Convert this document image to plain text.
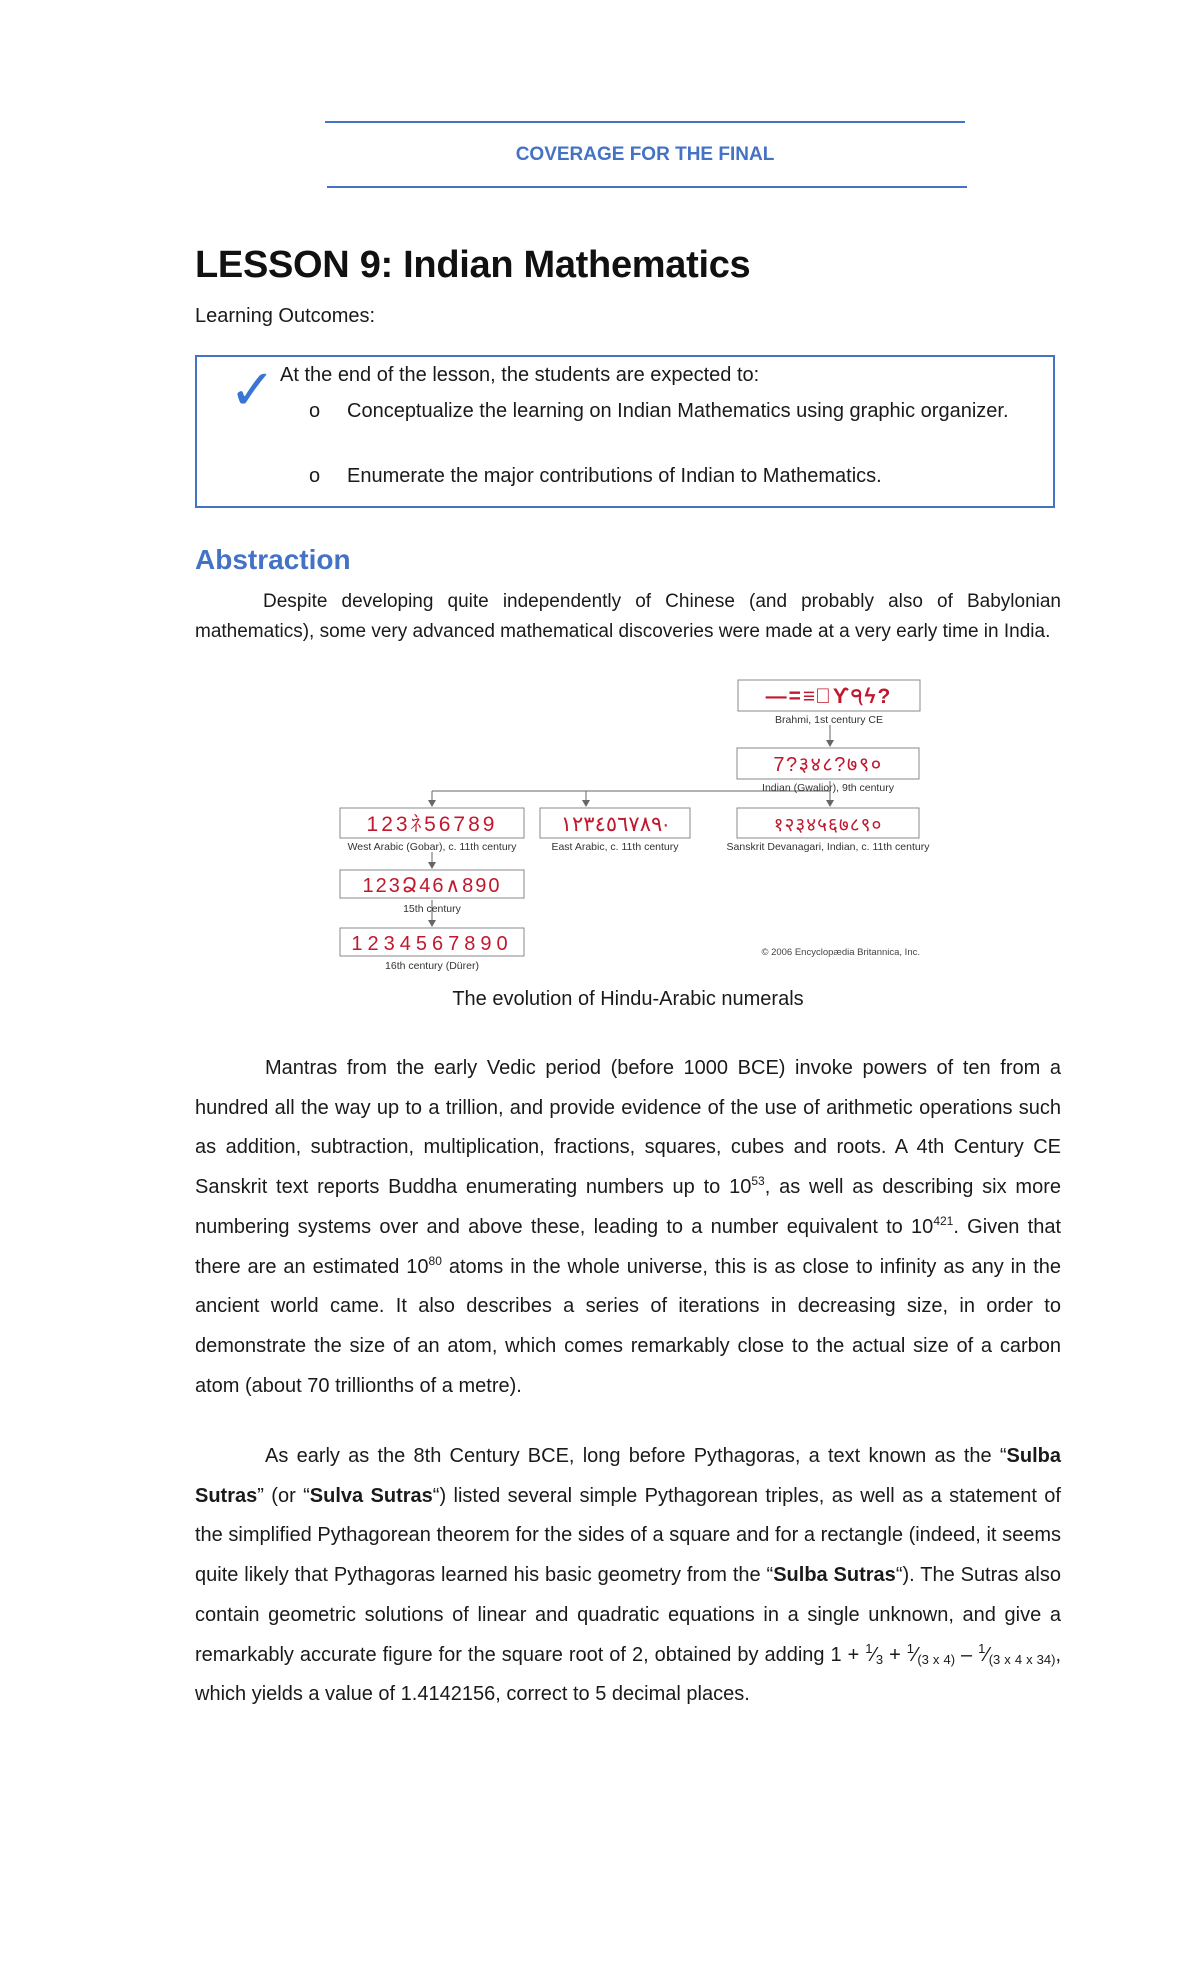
COVERAGE FOR THE FINAL
LESSON 9: Indian Mathematics
Learning Outcomes:
✓ At the end of the lesson, the students are expected to:
o Conceptualize the learning on Indian Mathematics using graphic organizer.
o Enumerate the major contributions of Indian to Mathematics.
Abstraction
Despite developing quite independently of Chinese (and probably also of Babylonian mathematics), some very advanced mathematical discoveries were made at a very early time in India.
—=≡ྲϒ੧ϟ?
Brahmi, 1st century CE
7?३४८?७९०
Indian (Gwalior), 9th century
123ﾈ56789
West Arabic (Gobar), c. 11th century
١٢٣٤٥٦٧٨٩·
East Arabic, c. 11th century
१२३४५६७८९०
Sanskrit Devanagari, Indian, c. 11th century
123Ձ46∧890
15th century
1234567890
16th century (Dürer)
© 2006 Encyclopædia Britannica, Inc.
The evolution of Hindu-Arabic numerals

Mantras from the early Vedic period (before 1000 BCE) invoke powers of ten from a hundred all the way up to a trillion, and provide evidence of the use of arithmetic operations such as addition, subtraction, multiplication, fractions, squares, cubes and roots. A 4th Century CE Sanskrit text reports Buddha enumerating numbers up to $10^{53}$, as well as describing six more numbering systems over and above these, leading to a number equivalent to $10^{421}$. Given that there are an estimated $10^{80}$ atoms in the whole universe, this is as close to infinity as any in the ancient world came. It also describes a series of iterations in decreasing size, in order to demonstrate the size of an atom, which comes remarkably close to the actual size of a carbon atom (about 70 trillionths of a metre).

As early as the 8th Century BCE, long before Pythagoras, a text known as the “Sulba Sutras” (or “Sulva Sutras“) listed several simple Pythagorean triples, as well as a statement of the simplified Pythagorean theorem for the sides of a square and for a rectangle (indeed, it seems quite likely that Pythagoras learned his basic geometry from the “Sulba Sutras“). The Sutras also contain geometric solutions of linear and quadratic equations in a single unknown, and give a remarkably accurate figure for the square root of 2, obtained by adding 1 + $^1$⁄3 + $^1$⁄(3 x 4) – $^1$⁄(3 x 4 x 34), which yields a value of 1.4142156, correct to 5 decimal places.
